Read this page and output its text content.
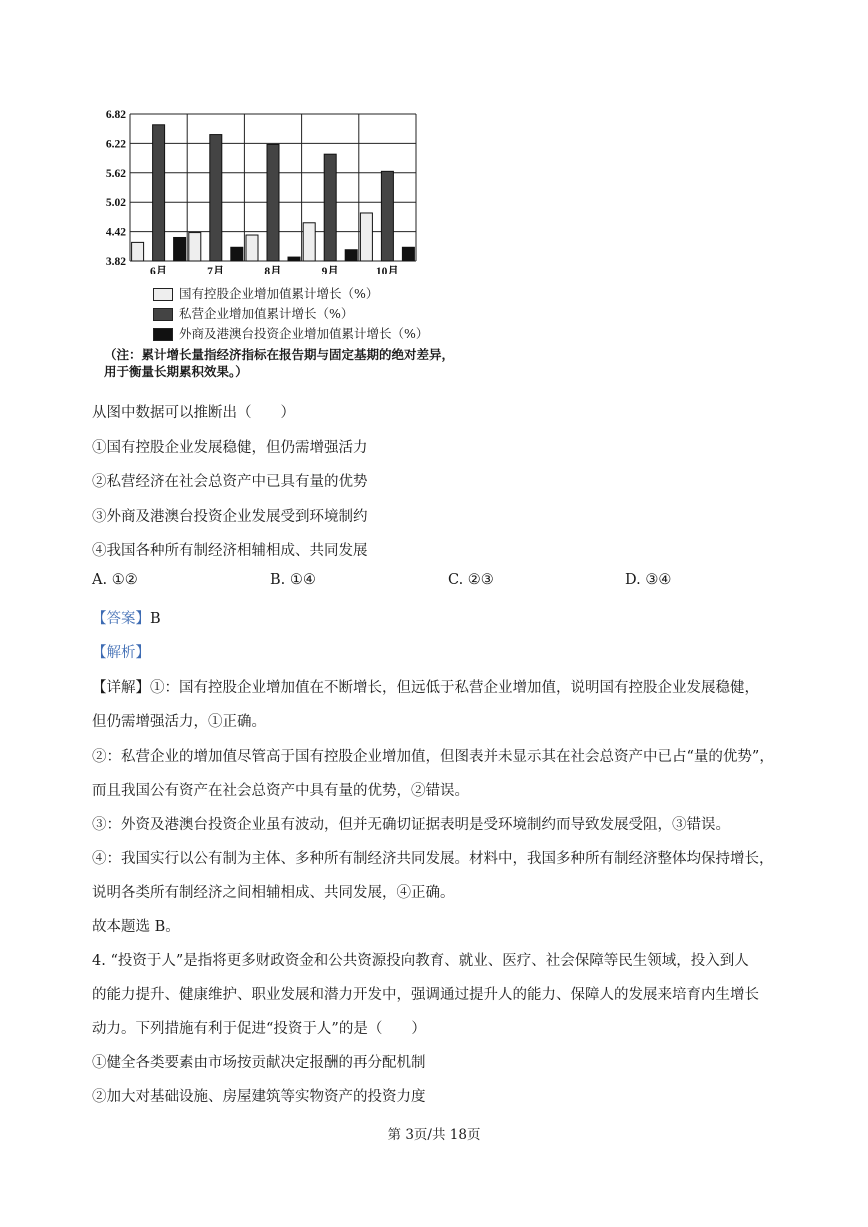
3.82
4.42
5.02
5.62
6.22
6.82
6月	7月	8月	9月	10月
国有控股企业增加值累计增长（%）
私营企业增加值累计增长（%）
外商及港澳台投资企业增加值累计增长（%）
（注：累计增长量指经济指标在报告期与固定基期的绝对差异，用于衡量长期累积效果。）
从图中数据可以推断出（　　）
①国有控股企业发展稳健，但仍需增强活力
②私营经济在社会总资产中已具有量的优势
③外商及港澳台投资企业发展受到环境制约
④我国各种所有制经济相辅相成、共同发展
A. ①②	B. ①④	C. ②③	D. ③④
【答案】B
【解析】
【详解】①：国有控股企业增加值在不断增长，但远低于私营企业增加值，说明国有控股企业发展稳健，
但仍需增强活力，①正确。
②：私营企业的增加值尽管高于国有控股企业增加值，但图表并未显示其在社会总资产中已占“量的优势”，
而且我国公有资产在社会总资产中具有量的优势，②错误。
③：外资及港澳台投资企业虽有波动，但并无确切证据表明是受环境制约而导致发展受阻，③错误。
④：我国实行以公有制为主体、多种所有制经济共同发展。材料中，我国多种所有制经济整体均保持增长，
说明各类所有制经济之间相辅相成、共同发展，④正确。
故本题选 B。
4. “投资于人”是指将更多财政资金和公共资源投向教育、就业、医疗、社会保障等民生领域，投入到人
的能力提升、健康维护、职业发展和潜力开发中，强调通过提升人的能力、保障人的发展来培育内生增长
动力。下列措施有利于促进“投资于人”的是（　　）
①健全各类要素由市场按贡献决定报酬的再分配机制
②加大对基础设施、房屋建筑等实物资产的投资力度
第 3页/共 18页
